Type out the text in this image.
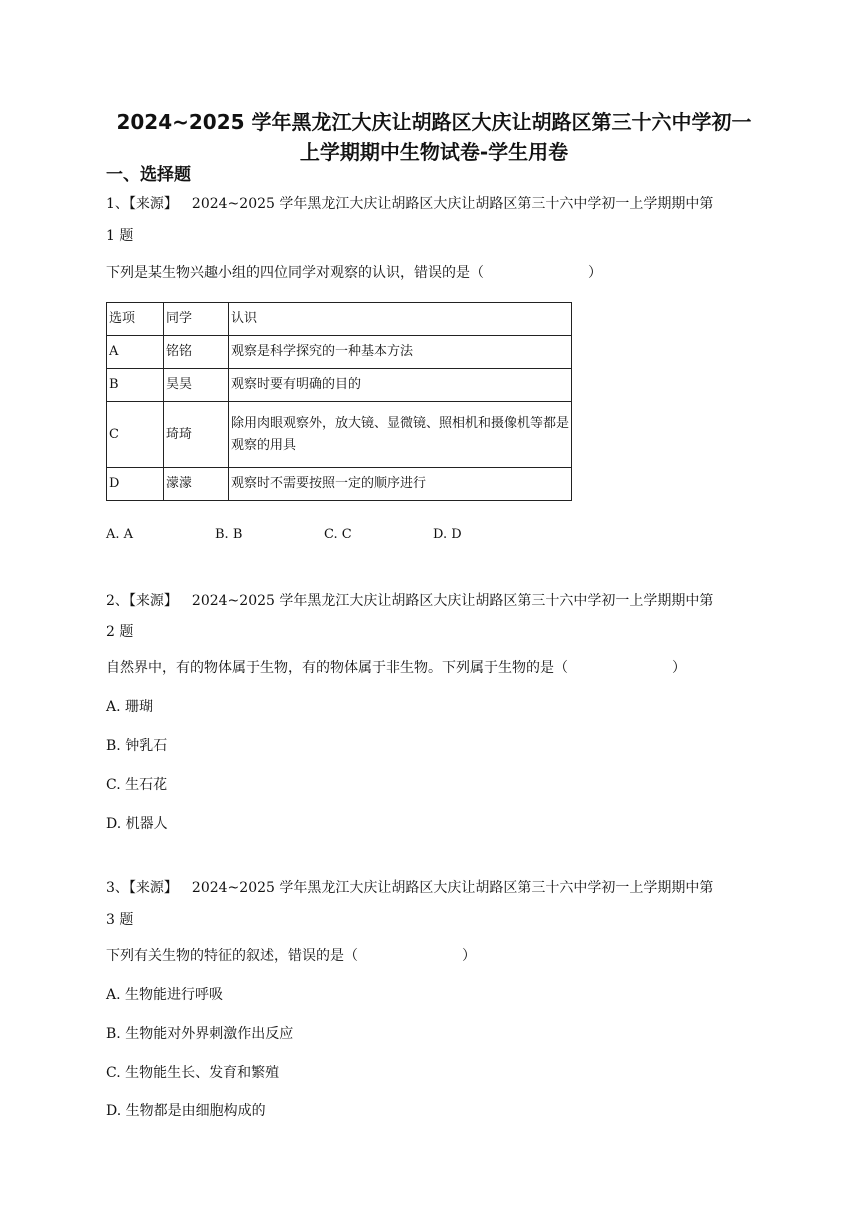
2024~2025 学年黑龙江大庆让胡路区大庆让胡路区第三十六中学初一
上学期期中生物试卷-学生用卷
一、选择题
1、【来源】 2024~2025 学年黑龙江大庆让胡路区大庆让胡路区第三十六中学初一上学期期中第
1 题
下列是某生物兴趣小组的四位同学对观察的认识，错误的是（	）
选项	同学	认识
A	铭铭	观察是科学探究的一种基本方法
B	昊昊	观察时要有明确的目的
C	琦琦	除用肉眼观察外，放大镜、显微镜、照相机和摄像机等都是观察的用具
D	濛濛	观察时不需要按照一定的顺序进行
A. A	B. B	C. C	D. D
2、【来源】 2024~2025 学年黑龙江大庆让胡路区大庆让胡路区第三十六中学初一上学期期中第
2 题
自然界中，有的物体属于生物，有的物体属于非生物。下列属于生物的是（	）
A. 珊瑚
B. 钟乳石
C. 生石花
D. 机器人
3、【来源】 2024~2025 学年黑龙江大庆让胡路区大庆让胡路区第三十六中学初一上学期期中第
3 题
下列有关生物的特征的叙述，错误的是（	）
A. 生物能进行呼吸
B. 生物能对外界刺激作出反应
C. 生物能生长、发育和繁殖
D. 生物都是由细胞构成的
